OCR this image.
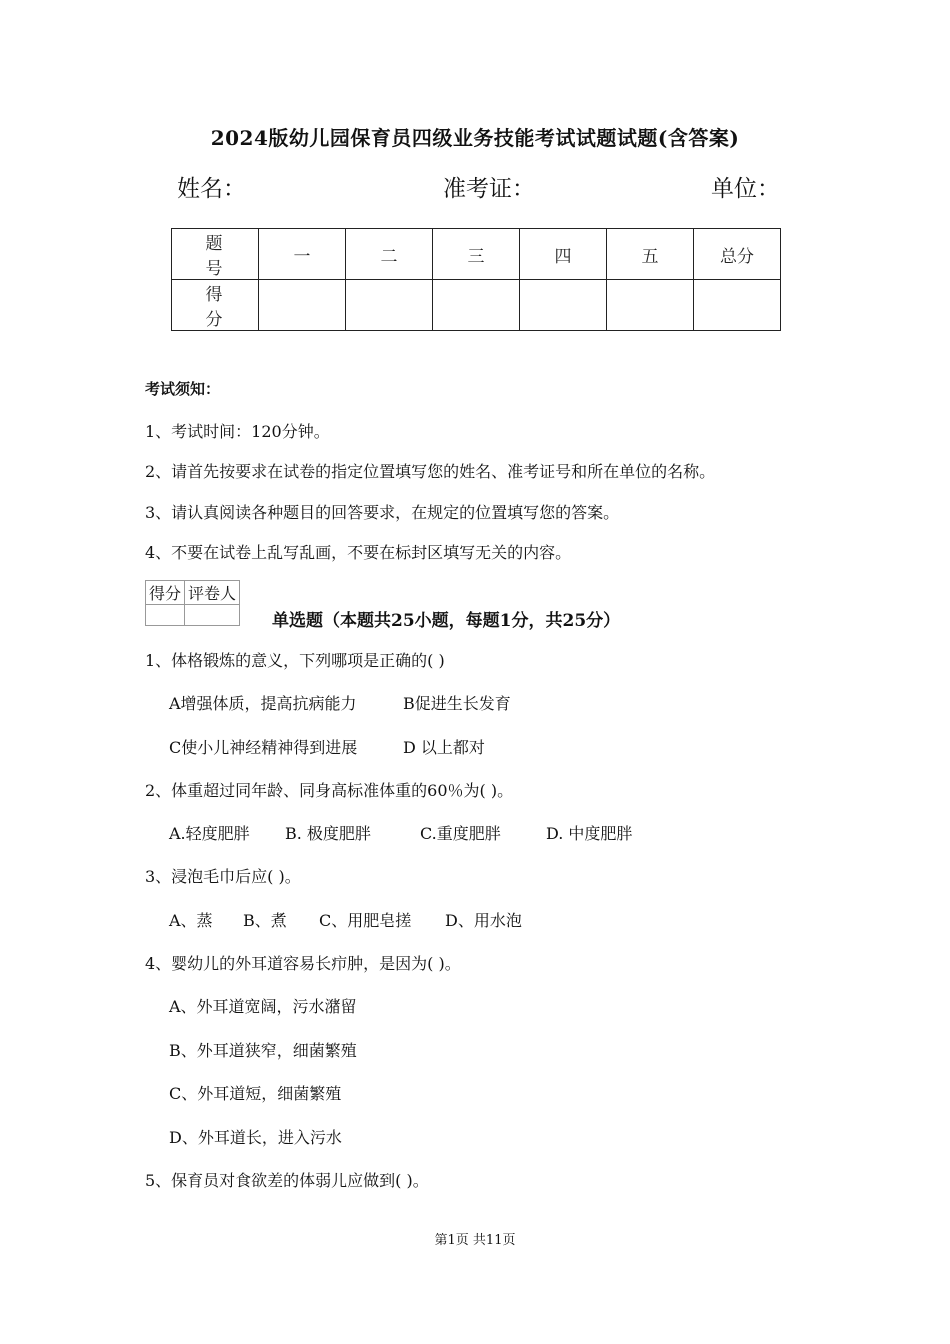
2024版幼儿园保育员四级业务技能考试试题试题(含答案)
姓名：	准考证：	单位：
题 号	一	二	三	四	五	总分
得 分						
考试须知：
1、考试时间：120分钟。
2、请首先按要求在试卷的指定位置填写您的姓名、准考证号和所在单位的名称。
3、请认真阅读各种题目的回答要求，在规定的位置填写您的答案。
4、不要在试卷上乱写乱画，不要在标封区填写无关的内容。
得分	评卷人

单选题（本题共25小题，每题1分，共25分）
1、体格锻炼的意义，下列哪项是正确的( )
A增强体质，提高抗病能力	B促进生长发育
C使小儿神经精神得到进展	D 以上都对
2、体重超过同年龄、同身高标准体重的60％为( )。
A.轻度肥胖 B. 极度肥胖	C.重度肥胖	D. 中度肥胖
3、浸泡毛巾后应( )。
A、蒸 B、煮 C、用肥皂搓 D、用水泡
4、婴幼儿的外耳道容易长疖肿，是因为( )。
A、外耳道宽阔，污水潴留
B、外耳道狭窄，细菌繁殖
C、外耳道短，细菌繁殖
D、外耳道长，进入污水
5、保育员对食欲差的体弱儿应做到( )。
第1页 共11页
